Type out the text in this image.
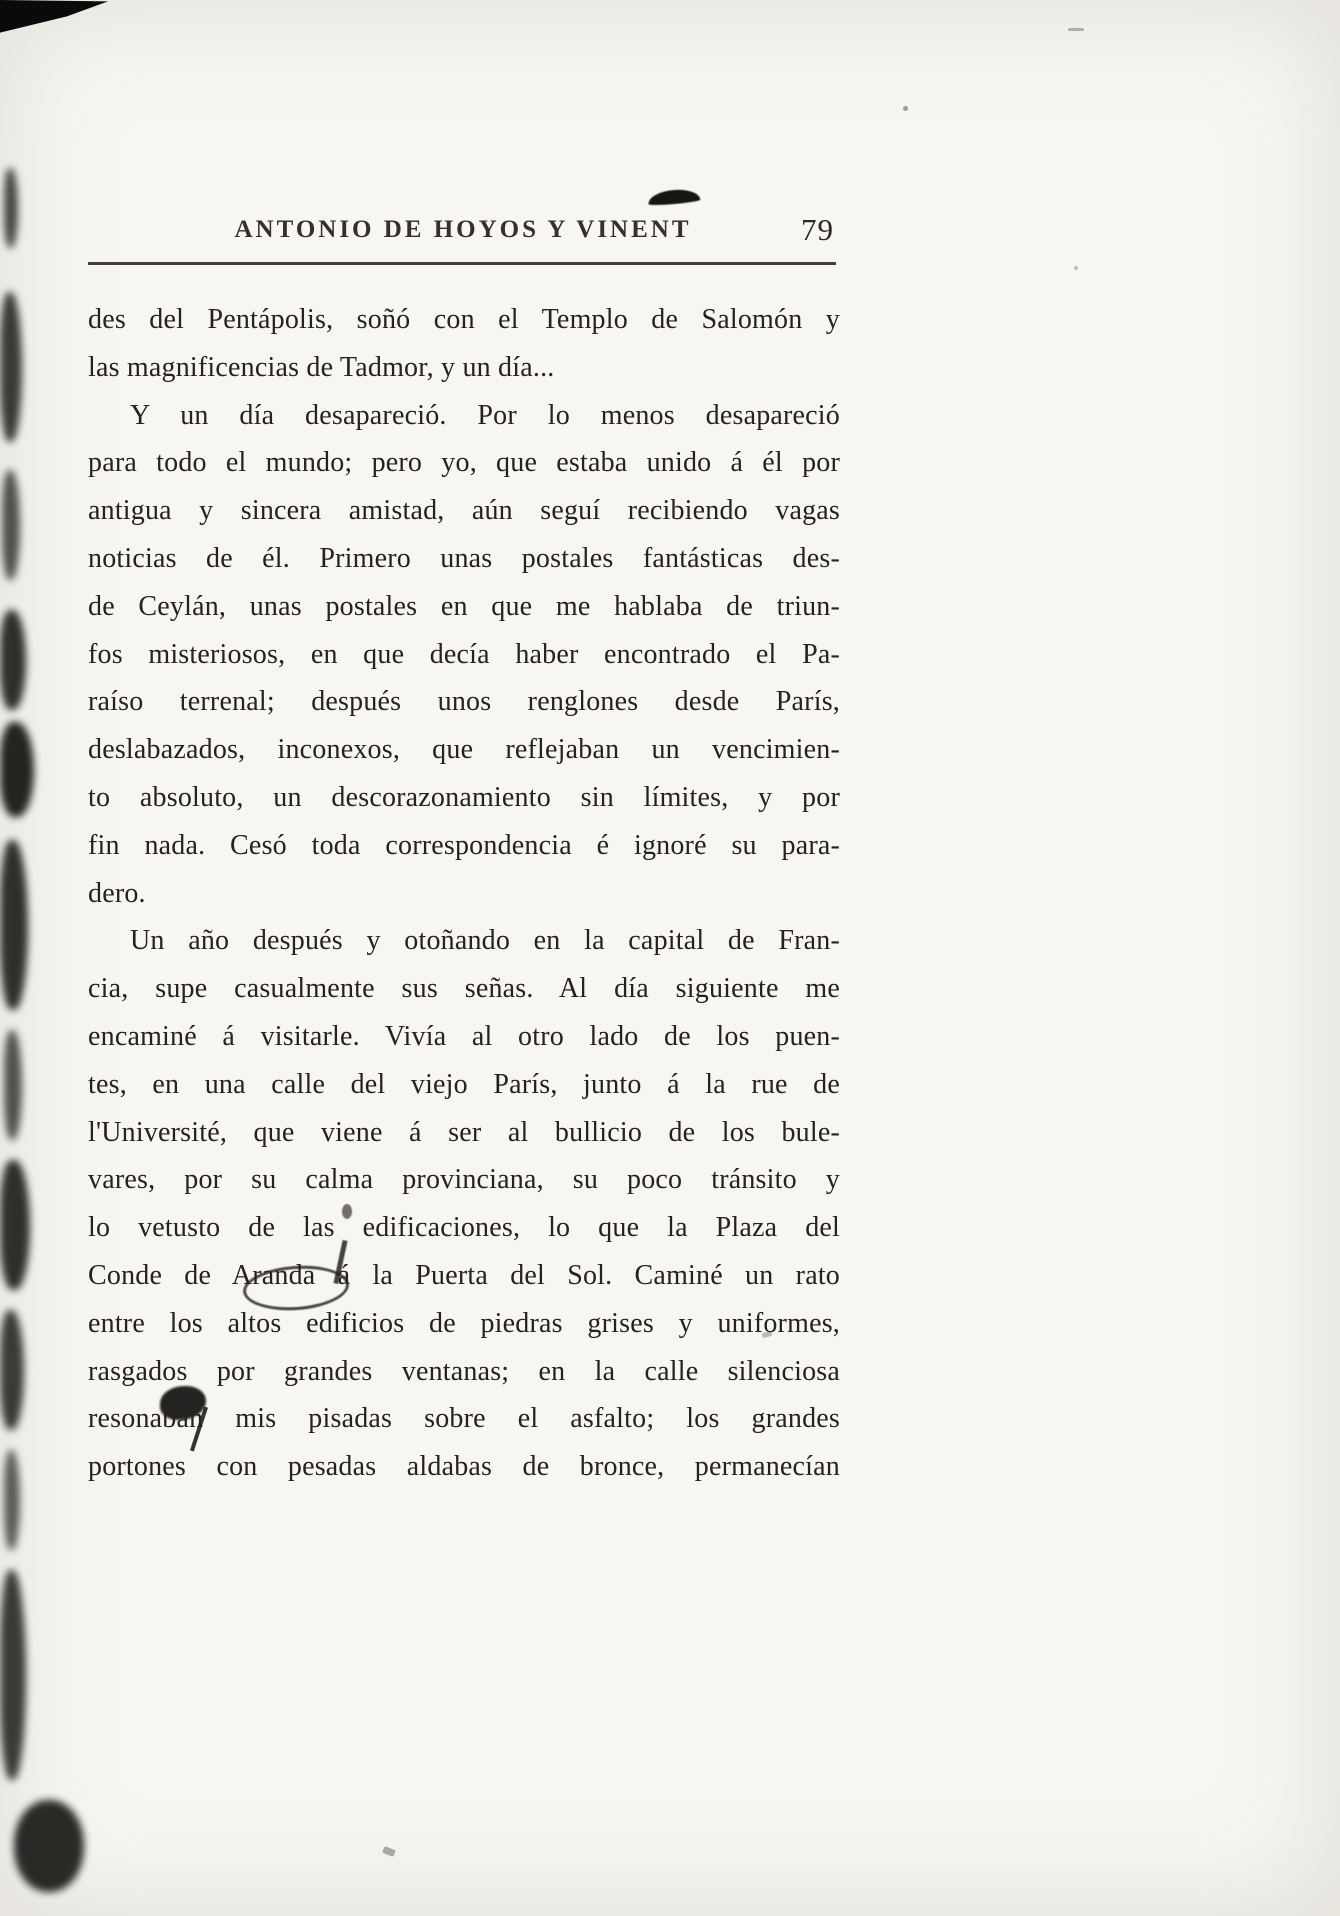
ANTONIO DE HOYOS Y VINENT	79
des del Pentápolis, soñó con el Templo de Salomón y
las magnificencias de Tadmor, y un día...
Y un día desapareció. Por lo menos desapareció
para todo el mundo; pero yo, que estaba unido á él por
antigua y sincera amistad, aún seguí recibiendo vagas
noticias de él. Primero unas postales fantásticas des-
de Ceylán, unas postales en que me hablaba de triun-
fos misteriosos, en que decía haber encontrado el Pa-
raíso terrenal; después unos renglones desde París,
deslabazados, inconexos, que reflejaban un vencimien-
to absoluto, un descorazonamiento sin límites, y por
fin nada. Cesó toda correspondencia é ignoré su para-
dero.
Un año después y otoñando en la capital de Fran-
cia, supe casualmente sus señas. Al día siguiente me
encaminé á visitarle. Vivía al otro lado de los puen-
tes, en una calle del viejo París, junto á la rue de
l'Université, que viene á ser al bullicio de los bule-
vares, por su calma provinciana, su poco tránsito y
lo vetusto de las edificaciones, lo que la Plaza del
Conde de Aranda á la Puerta del Sol. Caminé un rato
entre los altos edificios de piedras grises y uniformes,
rasgados por grandes ventanas; en la calle silenciosa
resonaban mis pisadas sobre el asfalto; los grandes
portones con pesadas aldabas de bronce, permanecían
